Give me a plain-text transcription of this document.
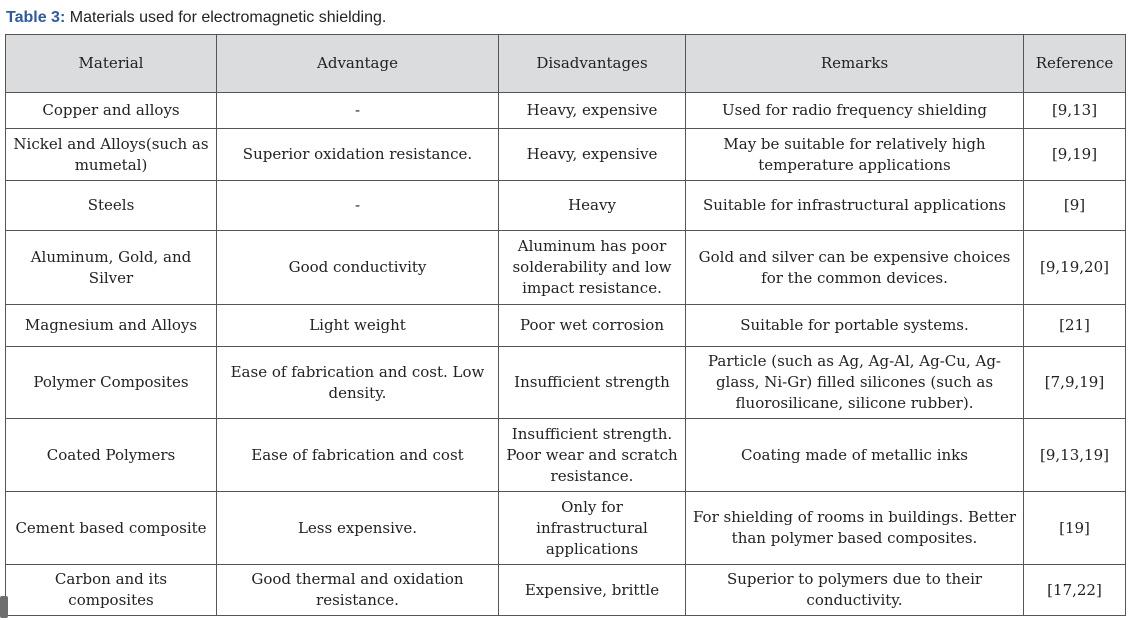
Table 3: Materials used for electromagnetic shielding.
Material	Advantage	Disadvantages	Remarks	Reference
Copper and alloys	-	Heavy, expensive	Used for radio frequency shielding	[9,13]
Nickel and Alloys(such as mumetal)	Superior oxidation resistance.	Heavy, expensive	May be suitable for relatively high temperature applications	[9,19]
Steels	-	Heavy	Suitable for infrastructural applications	[9]
Aluminum, Gold, and Silver	Good conductivity	Aluminum has poor solderability and low impact resistance.	Gold and silver can be expensive choices for the common devices.	[9,19,20]
Magnesium and Alloys	Light weight	Poor wet corrosion	Suitable for portable systems.	[21]
Polymer Composites	Ease of fabrication and cost. Low density.	Insufficient strength	Particle (such as Ag, Ag-Al, Ag-Cu, Ag-glass, Ni-Gr) filled silicones (such as fluorosilicane, silicone rubber).	[7,9,19]
Coated Polymers	Ease of fabrication and cost	Insufficient strength. Poor wear and scratch resistance.	Coating made of metallic inks	[9,13,19]
Cement based composite	Less expensive.	Only for infrastructural applications	For shielding of rooms in buildings. Better than polymer based composites.	[19]
Carbon and its composites	Good thermal and oxidation resistance.	Expensive, brittle	Superior to polymers due to their conductivity.	[17,22]
